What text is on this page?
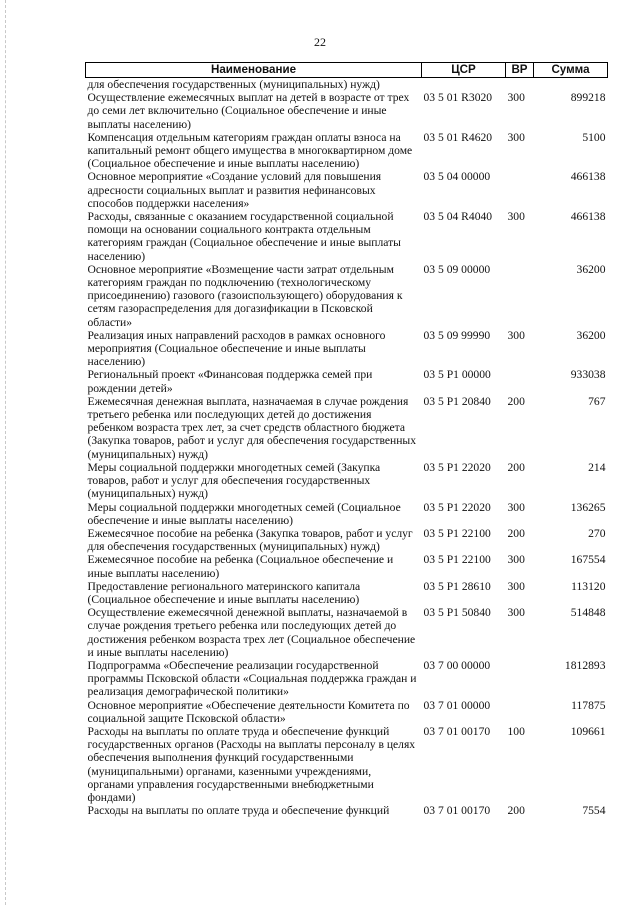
22
Наименование	ЦСР	ВР	Сумма
для обеспечения государственных (муниципальных) нужд)			
Осуществление ежемесячных выплат на детей в возрасте от трех до семи лет включительно (Социальное обеспечение и иные выплаты населению)	03 5 01 R3020	300	899218
Компенсация отдельным категориям граждан оплаты взноса на капитальный ремонт общего имущества в многоквартирном доме (Социальное обеспечение и иные выплаты населению)	03 5 01 R4620	300	5100
Основное мероприятие «Создание условий для повышения адресности социальных выплат и развития нефинансовых способов поддержки населения»	03 5 04 00000		466138
Расходы, связанные с оказанием государственной социальной помощи на основании социального контракта отдельным категориям граждан (Социальное обеспечение и иные выплаты населению)	03 5 04 R4040	300	466138
Основное мероприятие «Возмещение части затрат отдельным категориям граждан по подключению (технологическому присоединению) газового (газоиспользующего) оборудования к сетям газораспределения для догазификации в Псковской области»	03 5 09 00000		36200
Реализация иных направлений расходов в рамках основного мероприятия (Социальное обеспечение и иные выплаты населению)	03 5 09 99990	300	36200
Региональный проект «Финансовая поддержка семей при рождении детей»	03 5 Р1 00000		933038
Ежемесячная денежная выплата, назначаемая в случае рождения третьего ребенка или последующих детей до достижения ребенком возраста трех лет, за счет средств областного бюджета (Закупка товаров, работ и услуг для обеспечения государственных (муниципальных) нужд)	03 5 Р1 20840	200	767
Меры социальной поддержки многодетных семей (Закупка товаров, работ и услуг для обеспечения государственных (муниципальных) нужд)	03 5 Р1 22020	200	214
Меры социальной поддержки многодетных семей (Социальное обеспечение и иные выплаты населению)	03 5 Р1 22020	300	136265
Ежемесячное пособие на ребенка (Закупка товаров, работ и услуг для обеспечения государственных (муниципальных) нужд)	03 5 Р1 22100	200	270
Ежемесячное пособие на ребенка (Социальное обеспечение и иные выплаты населению)	03 5 Р1 22100	300	167554
Предоставление регионального материнского капитала (Социальное обеспечение и иные выплаты населению)	03 5 Р1 28610	300	113120
Осуществление ежемесячной денежной выплаты, назначаемой в случае рождения третьего ребенка или последующих детей до достижения ребенком возраста трех лет (Социальное обеспечение и иные выплаты населению)	03 5 Р1 50840	300	514848
Подпрограмма «Обеспечение реализации государственной программы Псковской области «Социальная поддержка граждан и реализация демографической политики»	03 7 00 00000		1812893
Основное мероприятие «Обеспечение деятельности Комитета по социальной защите Псковской области»	03 7 01 00000		117875
Расходы на выплаты по оплате труда и обеспечение функций государственных органов (Расходы на выплаты персоналу в целях обеспечения выполнения функций государственными (муниципальными) органами, казенными учреждениями, органами управления государственными внебюджетными фондами)	03 7 01 00170	100	109661
Расходы на выплаты по оплате труда и обеспечение функций	03 7 01 00170	200	7554
